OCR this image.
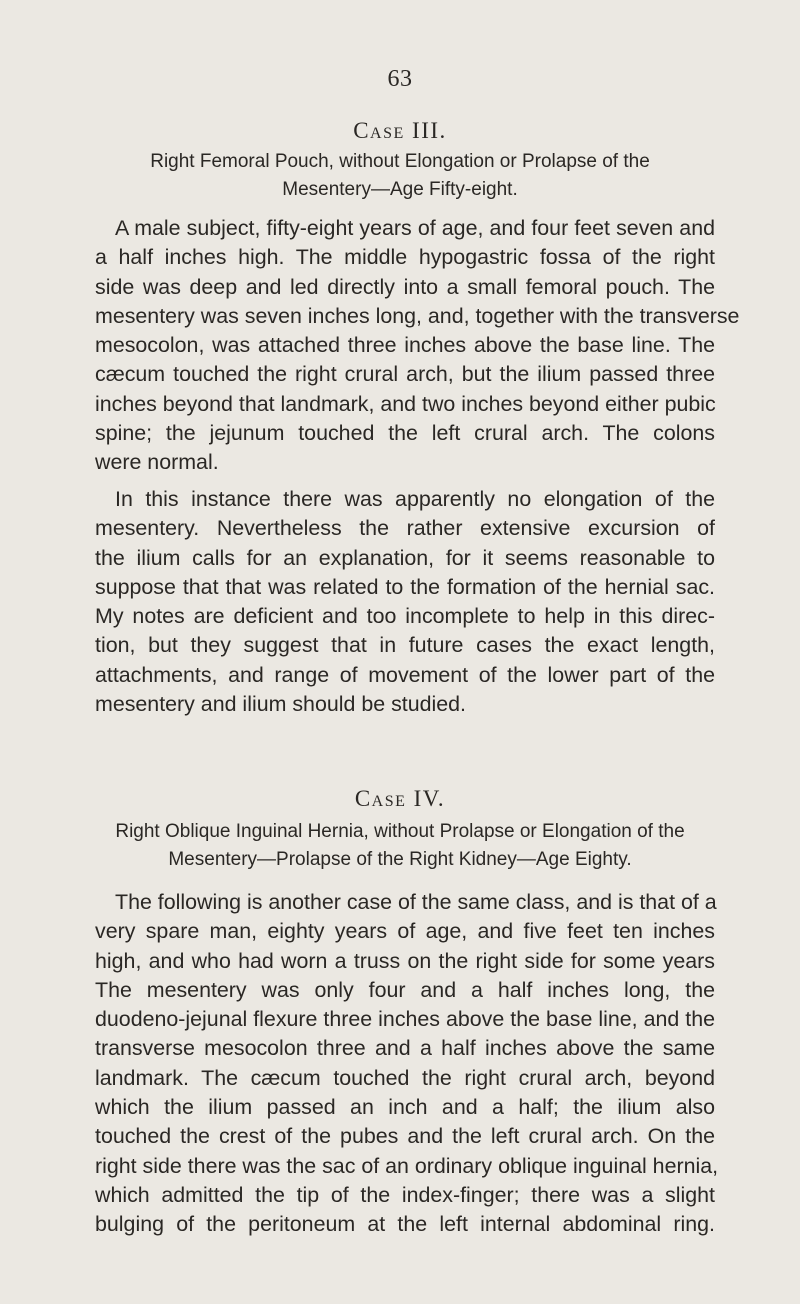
63
Case III.
Right Femoral Pouch, without Elongation or Prolapse of the
Mesentery—Age Fifty-eight.
A male subject, fifty-eight years of age, and four feet seven and
a half inches high. The middle hypogastric fossa of the right
side was deep and led directly into a small femoral pouch. The
mesentery was seven inches long, and, together with the transverse
mesocolon, was attached three inches above the base line. The
cæcum touched the right crural arch, but the ilium passed three
inches beyond that landmark, and two inches beyond either pubic
spine; the jejunum touched the left crural arch. The colons
were normal.
In this instance there was apparently no elongation of the
mesentery. Nevertheless the rather extensive excursion of
the ilium calls for an explanation, for it seems reasonable to
suppose that that was related to the formation of the hernial sac.
My notes are deficient and too incomplete to help in this direc-
tion, but they suggest that in future cases the exact length,
attachments, and range of movement of the lower part of the
mesentery and ilium should be studied.
Case IV.
Right Oblique Inguinal Hernia, without Prolapse or Elongation of the
Mesentery—Prolapse of the Right Kidney—Age Eighty.
The following is another case of the same class, and is that of a
very spare man, eighty years of age, and five feet ten inches
high, and who had worn a truss on the right side for some years
The mesentery was only four and a half inches long, the
duodeno-jejunal flexure three inches above the base line, and the
transverse mesocolon three and a half inches above the same
landmark. The cæcum touched the right crural arch, beyond
which the ilium passed an inch and a half; the ilium also
touched the crest of the pubes and the left crural arch. On the
right side there was the sac of an ordinary oblique inguinal hernia,
which admitted the tip of the index-finger; there was a slight
bulging of the peritoneum at the left internal abdominal ring.
